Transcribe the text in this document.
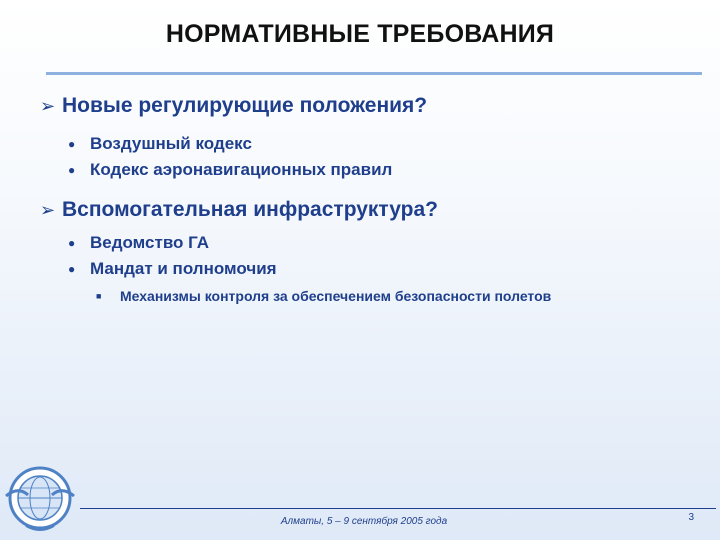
НОРМАТИВНЫЕ ТРЕБОВАНИЯ
➢ Новые регулирующие положения?
● Воздушный кодекс
● Кодекс аэронавигационных правил
➢ Вспомогательная инфраструктура?
● Ведомство ГА
● Мандат и полномочия
■	Механизмы контроля за обеспечением безопасности полетов
Алматы, 5 – 9 сентября 2005 года	3
